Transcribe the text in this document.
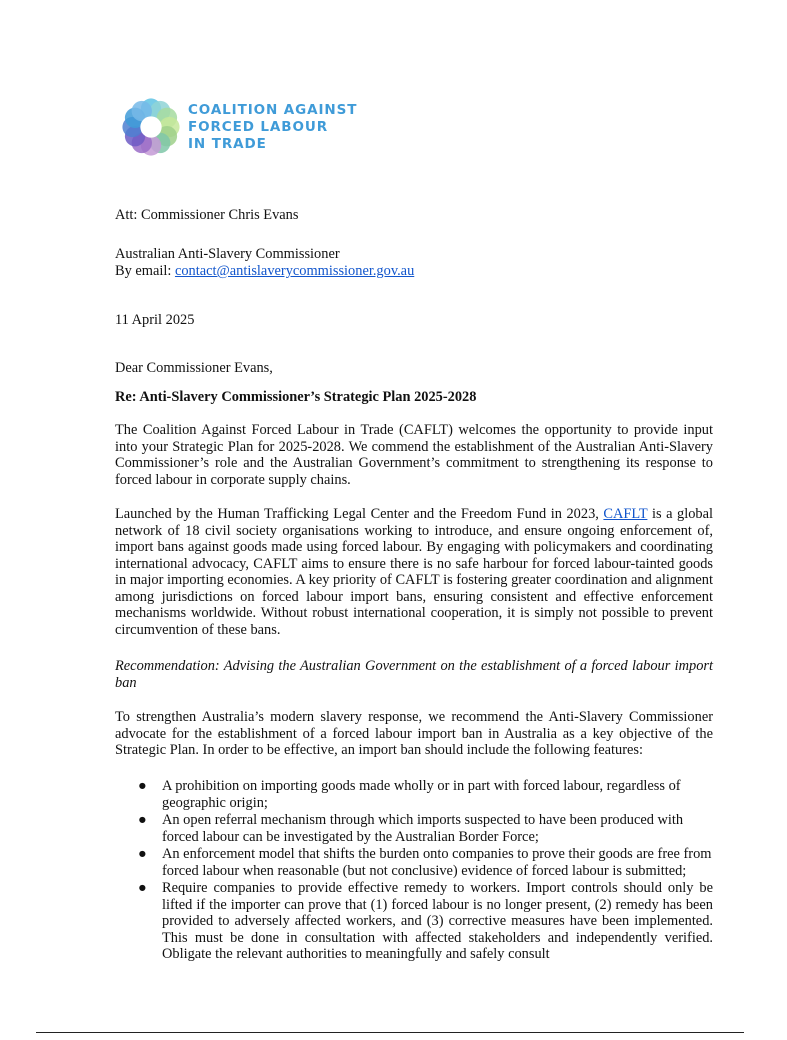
COALITION AGAINST
FORCED LABOUR
IN TRADE
Att: Commissioner Chris Evans
Australian Anti-Slavery Commissioner
By email: contact@antislaverycommissioner.gov.au
11 April 2025
Dear Commissioner Evans,
Re: Anti-Slavery Commissioner’s Strategic Plan 2025-2028

The Coalition Against Forced Labour in Trade (CAFLT) welcomes the opportunity to provide input into your Strategic Plan for 2025-2028. We commend the establishment of the Australian Anti-Slavery Commissioner’s role and the Australian Government’s commitment to strengthening its response to forced labour in corporate supply chains.

Launched by the Human Trafficking Legal Center and the Freedom Fund in 2023, CAFLT is a global network of 18 civil society organisations working to introduce, and ensure ongoing enforcement of, import bans against goods made using forced labour. By engaging with policymakers and coordinating international advocacy, CAFLT aims to ensure there is no safe harbour for forced labour-tainted goods in major importing economies. A key priority of CAFLT is fostering greater coordination and alignment among jurisdictions on forced labour import bans, ensuring consistent and effective enforcement mechanisms worldwide. Without robust international cooperation, it is simply not possible to prevent circumvention of these bans.

Recommendation: Advising the Australian Government on the establishment of a forced labour import ban

To strengthen Australia’s modern slavery response, we recommend the Anti-Slavery Commissioner advocate for the establishment of a forced labour import ban in Australia as a key objective of the Strategic Plan. In order to be effective, an import ban should include the following features:

● A prohibition on importing goods made wholly or in part with forced labour, regardless of geographic origin;
● An open referral mechanism through which imports suspected to have been produced with forced labour can be investigated by the Australian Border Force;
● An enforcement model that shifts the burden onto companies to prove their goods are free from forced labour when reasonable (but not conclusive) evidence of forced labour is submitted;
● Require companies to provide effective remedy to workers. Import controls should only be lifted if the importer can prove that (1) forced labour is no longer present, (2) remedy has been provided to adversely affected workers, and (3) corrective measures have been implemented. This must be done in consultation with affected stakeholders and independently verified. Obligate the relevant authorities to meaningfully and safely consult
